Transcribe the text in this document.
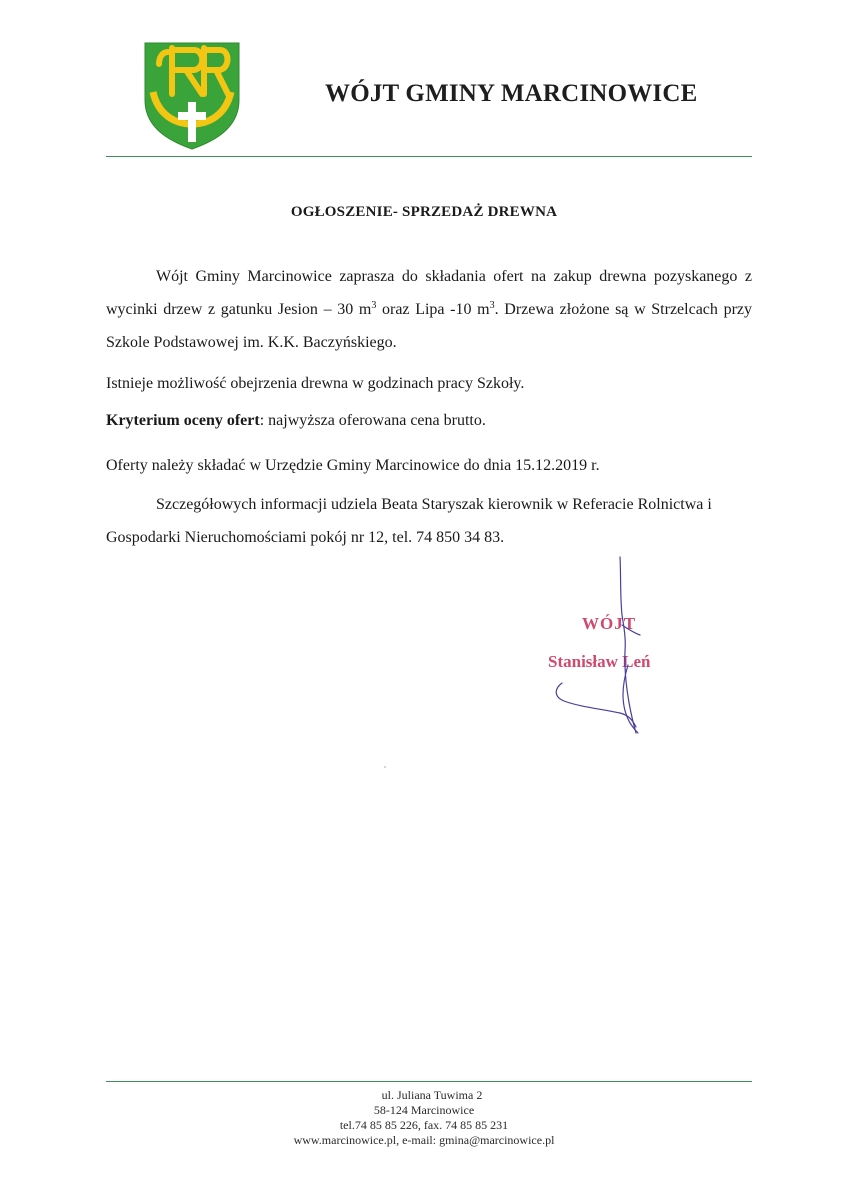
WÓJT GMINY MARCINOWICE
OGŁOSZENIE- SPRZEDAŻ DREWNA
Wójt Gminy Marcinowice zaprasza do składania ofert na zakup drewna pozyskanego z wycinki drzew z gatunku Jesion – 30 $m^3$ oraz Lipa -10 $m^3$. Drzewa złożone są w Strzelcach przy Szkole Podstawowej im. K.K. Baczyńskiego.
Istnieje możliwość obejrzenia drewna w godzinach pracy Szkoły.
Kryterium oceny ofert: najwyższa oferowana cena brutto.
Oferty należy składać w Urzędzie Gminy Marcinowice do dnia 15.12.2019 r.
Szczegółowych informacji udziela Beata Staryszak kierownik w Referacie Rolnictwa i
Gospodarki Nieruchomościami pokój nr 12, tel. 74 850 34 83.
WÓJT
Stanisław Leń
ul. Juliana Tuwima 2
58-124 Marcinowice
tel.74 85 85 226, fax. 74 85 85 231
www.marcinowice.pl, e-mail: gmina@marcinowice.pl
